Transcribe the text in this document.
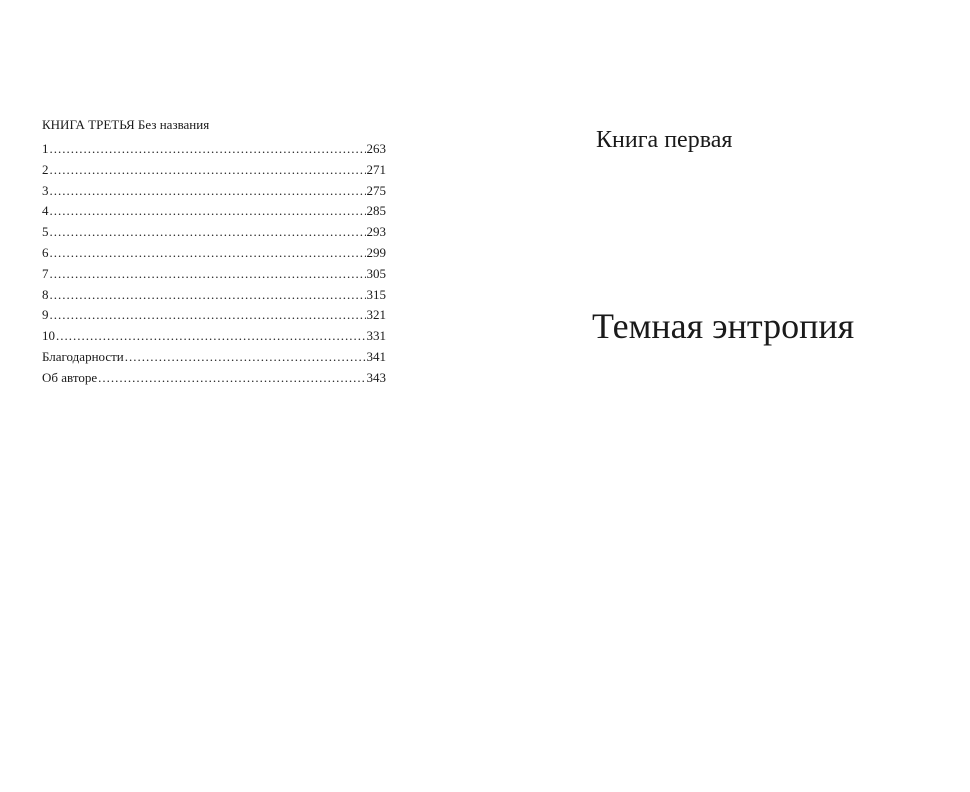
КНИГА ТРЕТЬЯ Без названия
1 .....	263
2 .....	271
3 .....	275
4 .....	285
5 .....	293
6 .....	299
7 .....	305
8 .....	315
9 .....	321
10 .....	331
Благодарности .....	341
Об авторе .....	343
Книга первая
Темная энтропия
